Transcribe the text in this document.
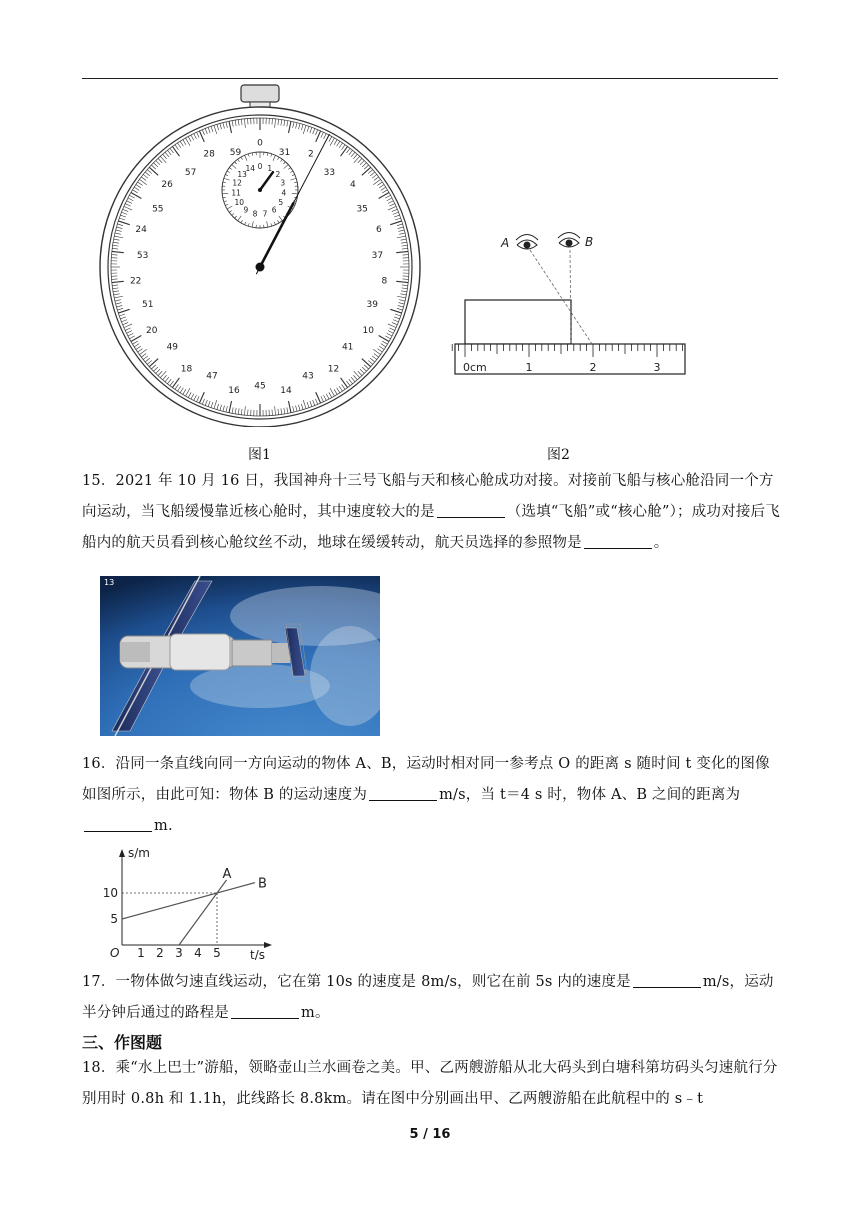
0
31 2
33
4
35
6
37
8
39
10
41
12
43
14
45
16
47
18
49
20
51
22
53
24
55
26
57
28 59
0 1
2
3
4
5
6
7
8
9
10
11
12
13
14
0cm	1	2	3
A	B
图1	图2
15．2021 年 10 月 16 日，我国神舟十三号飞船与天和核心舱成功对接。对接前飞船与核心舱沿同一个方向运动，当飞船缓慢靠近核心舱时，其中速度较大的是	（选填“飞船”或“核心舱”）；成功对接后飞船内的航天员看到核心舱纹丝不动，地球在缓缓转动，航天员选择的参照物是	。
13
16．沿同一条直线向同一方向运动的物体 A、B，运动时相对同一参考点 O 的距离 s 随时间 t 变化的图像如图所示，由此可知：物体 B 的运动速度为	m/s，当 t＝4 s 时，物体 A、B 之间的距离为m.
O 1 2 3 4 5
5
10
s/m
t/s
A
B
17．一物体做匀速直线运动，它在第 10s 的速度是 8m/s，则它在前 5s 内的速度是	m/s，运动半分钟后通过的路程是	m。
三、作图题
18．乘“水上巴士”游船，领略壶山兰水画卷之美。甲、乙两艘游船从北大码头到白塘科第坊码头匀速航行分别用时 0.8h 和 1.1h，此线路长 8.8km。请在图中分别画出甲、乙两艘游船在此航程中的 s﹣t
5 / 16
